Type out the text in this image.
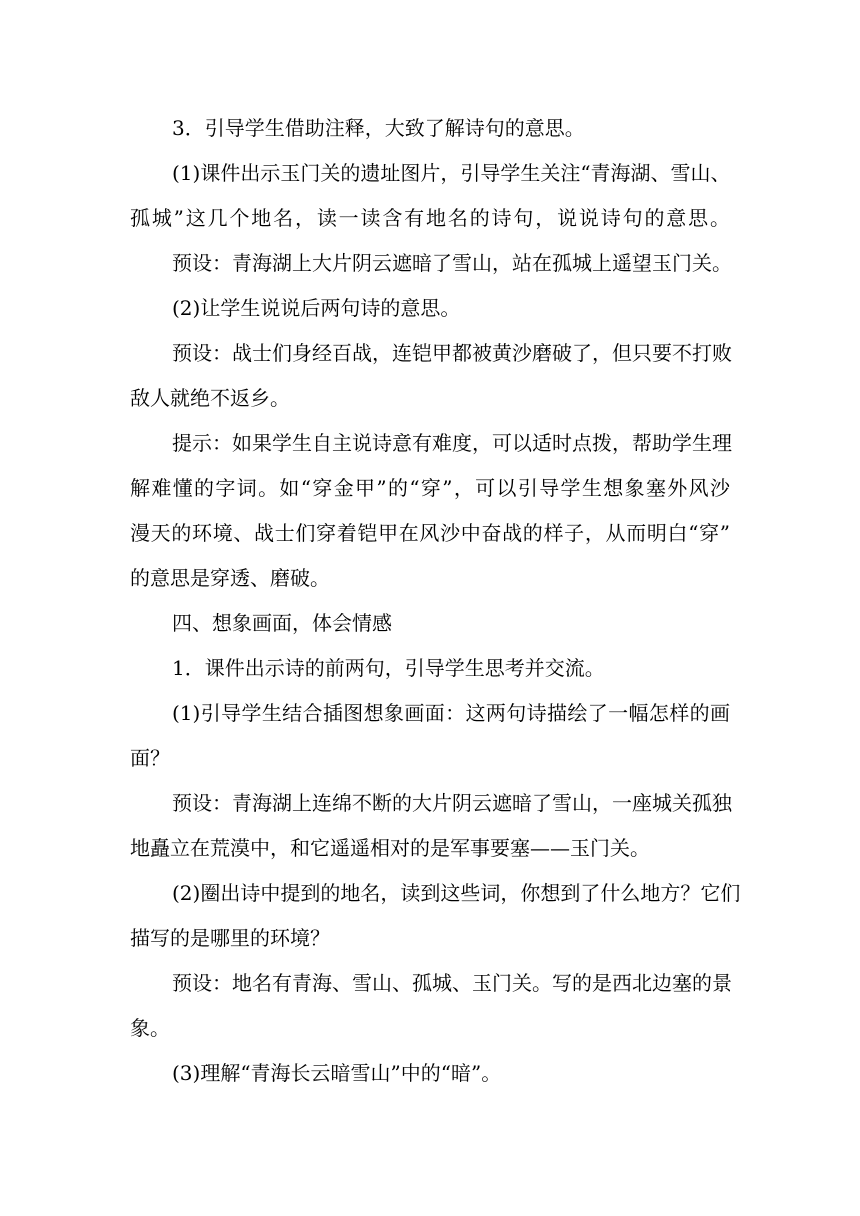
3．引导学生借助注释，大致了解诗句的意思。

(1)课件出示玉门关的遗址图片，引导学生关注“青海湖、雪山、

孤城”这几个地名，读一读含有地名的诗句，说说诗句的意思。

预设：青海湖上大片阴云遮暗了雪山，站在孤城上遥望玉门关。

(2)让学生说说后两句诗的意思。

预设：战士们身经百战，连铠甲都被黄沙磨破了，但只要不打败

敌人就绝不返乡。

提示：如果学生自主说诗意有难度，可以适时点拨，帮助学生理

解难懂的字词。如“穿金甲”的“穿”，可以引导学生想象塞外风沙

漫天的环境、战士们穿着铠甲在风沙中奋战的样子，从而明白“穿”

的意思是穿透、磨破。

四、想象画面，体会情感

1．课件出示诗的前两句，引导学生思考并交流。

(1)引导学生结合插图想象画面：这两句诗描绘了一幅怎样的画

面？

预设：青海湖上连绵不断的大片阴云遮暗了雪山，一座城关孤独

地矗立在荒漠中，和它遥遥相对的是军事要塞——玉门关。

(2)圈出诗中提到的地名，读到这些词，你想到了什么地方？它们

描写的是哪里的环境？

预设：地名有青海、雪山、孤城、玉门关。写的是西北边塞的景

象。

(3)理解“青海长云暗雪山”中的“暗”。
